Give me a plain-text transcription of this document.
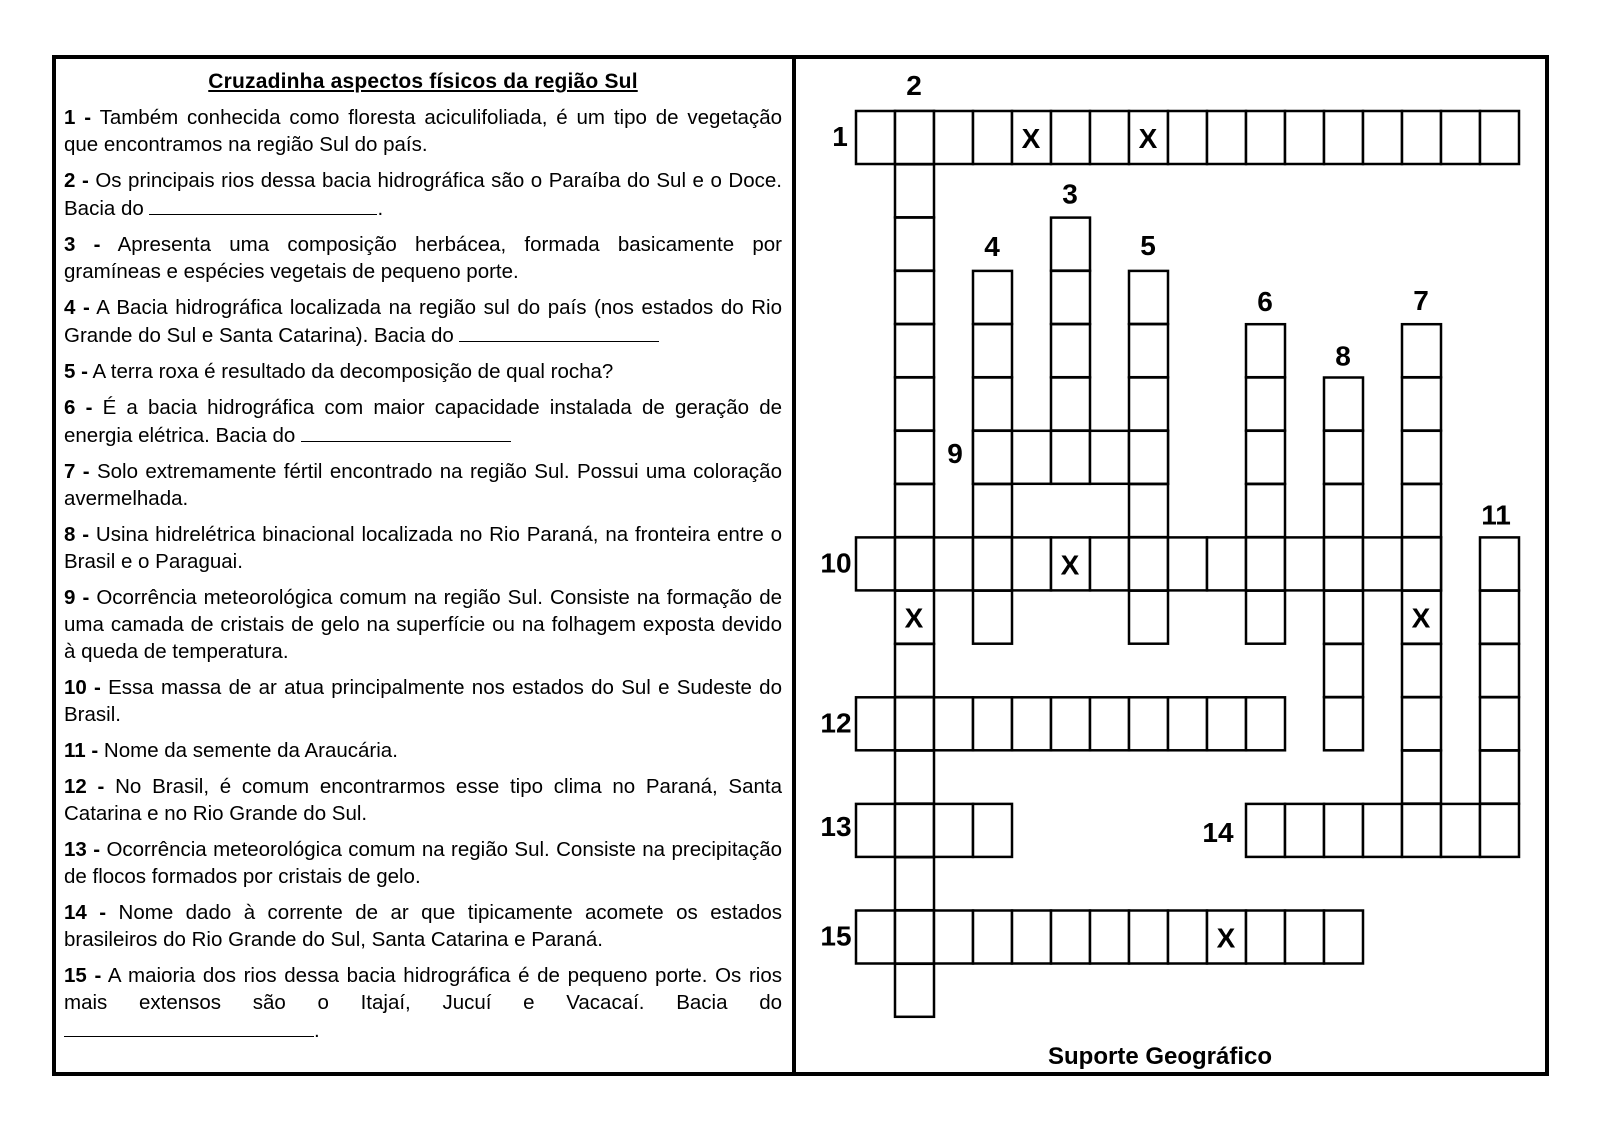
Cruzadinha aspectos físicos da região Sul

1 - Também conhecida como floresta aciculifoliada, é um tipo de vegetação que encontramos na região Sul do país.

2 - Os principais rios dessa bacia hidrográfica são o Paraíba do Sul e o Doce. Bacia do	.

3 - Apresenta uma composição herbácea, formada basicamente por gramíneas e espécies vegetais de pequeno porte.

4 - A Bacia hidrográfica localizada na região sul do país (nos estados do Rio Grande do Sul e Santa Catarina). Bacia do

5 - A terra roxa é resultado da decomposição de qual rocha?

6 - É a bacia hidrográfica com maior capacidade instalada de geração de energia elétrica. Bacia do

7 - Solo extremamente fértil encontrado na região Sul. Possui uma coloração avermelhada.

8 - Usina hidrelétrica binacional localizada no Rio Paraná, na fronteira entre o Brasil e o Paraguai.

9 - Ocorrência meteorológica comum na região Sul. Consiste na formação de uma camada de cristais de gelo na superfície ou na folhagem exposta devido à queda de temperatura.

10 - Essa massa de ar atua principalmente nos estados do Sul e Sudeste do Brasil.

11 - Nome da semente da Araucária.

12 - No Brasil, é comum encontrarmos esse tipo clima no Paraná, Santa Catarina e no Rio Grande do Sul.

13 - Ocorrência meteorológica comum na região Sul. Consiste na precipitação de flocos formados por cristais de gelo.

14 - Nome dado à corrente de ar que tipicamente acomete os estados brasileiros do Rio Grande do Sul, Santa Catarina e Paraná.

15 - A maioria dos rios dessa bacia hidrográfica é de pequeno porte. Os rios mais extensos são o Itajaí, Jucuí e Vacacaí. Bacia do .

1
2
3
4	5
6	7
8
9
10
11
12
13	14
15
X	X
X
X	X
X
Suporte Geográfico
